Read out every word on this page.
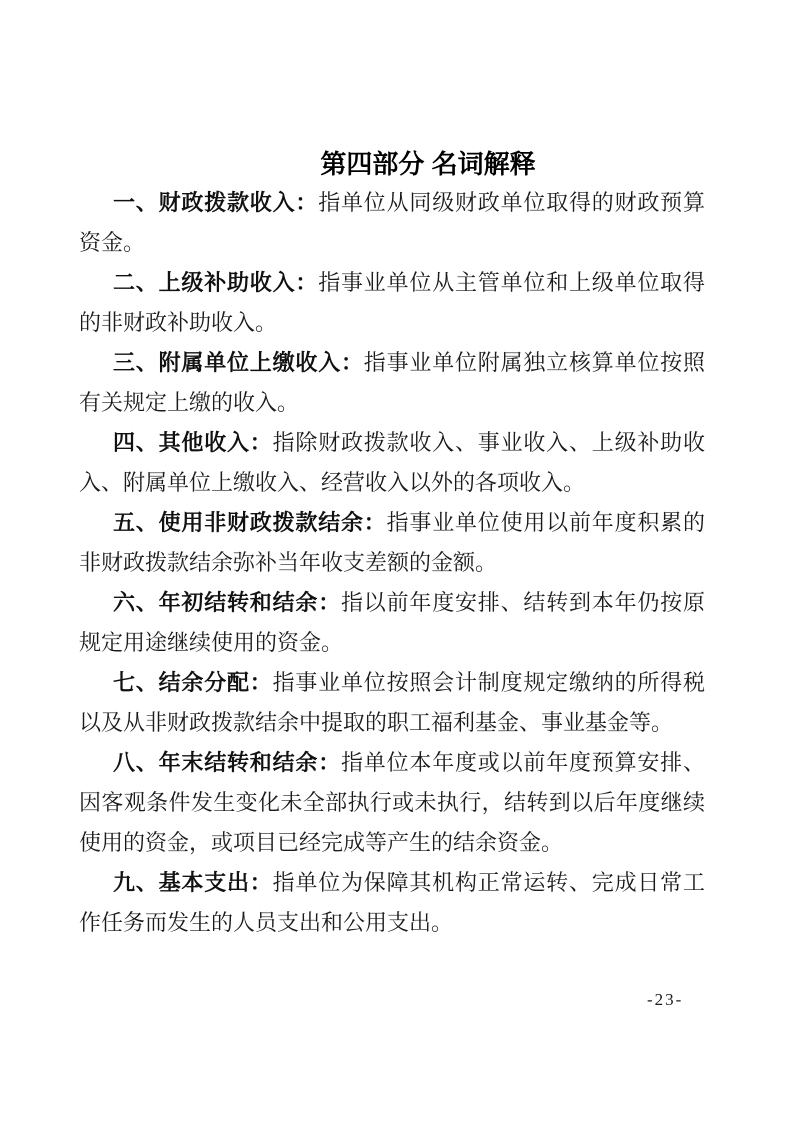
第四部分 名词解释

一、财政拨款收入：指单位从同级财政单位取得的财政预算资金。

二、上级补助收入：指事业单位从主管单位和上级单位取得的非财政补助收入。

三、附属单位上缴收入：指事业单位附属独立核算单位按照有关规定上缴的收入。

四、其他收入：指除财政拨款收入、事业收入、上级补助收入、附属单位上缴收入、经营收入以外的各项收入。

五、使用非财政拨款结余：指事业单位使用以前年度积累的非财政拨款结余弥补当年收支差额的金额。

六、年初结转和结余：指以前年度安排、结转到本年仍按原规定用途继续使用的资金。

七、结余分配：指事业单位按照会计制度规定缴纳的所得税以及从非财政拨款结余中提取的职工福利基金、事业基金等。

八、年末结转和结余：指单位本年度或以前年度预算安排、因客观条件发生变化未全部执行或未执行，结转到以后年度继续使用的资金，或项目已经完成等产生的结余资金。

九、基本支出：指单位为保障其机构正常运转、完成日常工作任务而发生的人员支出和公用支出。

-23-
